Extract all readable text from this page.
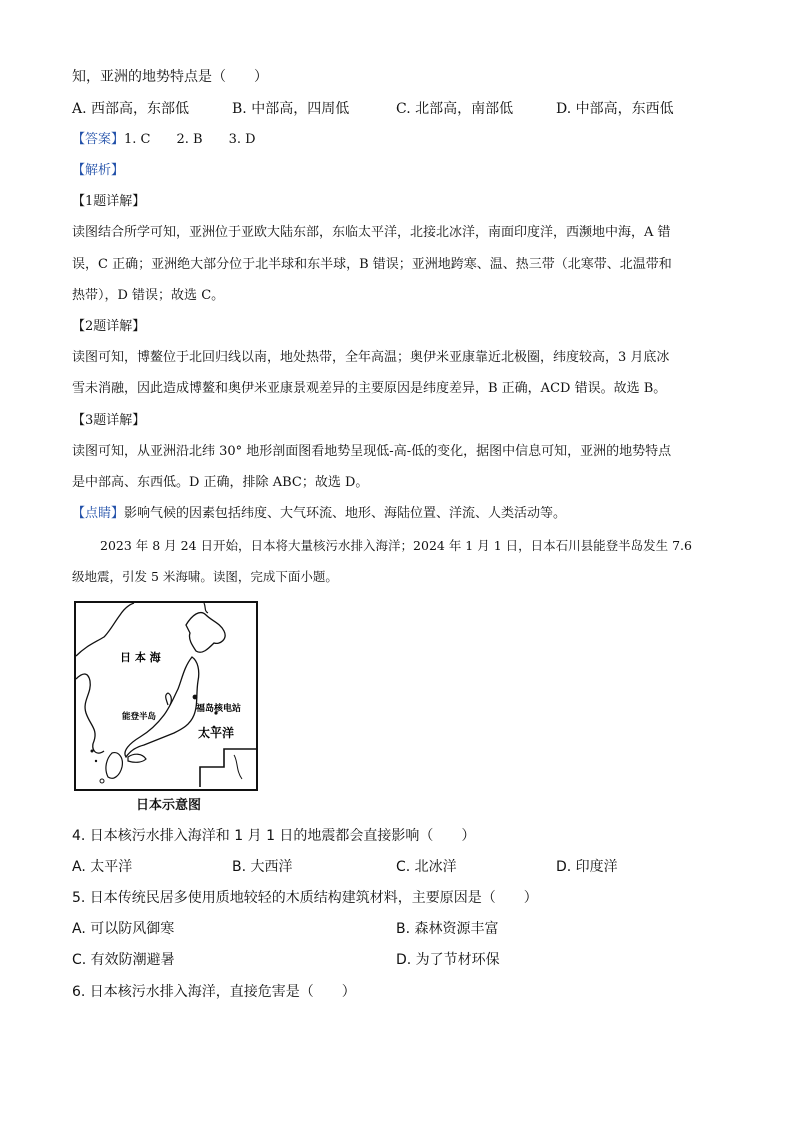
知，亚洲的地势特点是（　　）
A. 西部高，东部低	B. 中部高，四周低	C. 北部高，南部低	D. 中部高，东西低
【答案】1. C　　2. B　　3. D
【解析】
【1题详解】
读图结合所学可知，亚洲位于亚欧大陆东部，东临太平洋，北接北冰洋，南面印度洋，西濒地中海，A 错
误，C 正确；亚洲绝大部分位于北半球和东半球，B 错误；亚洲地跨寒、温、热三带（北寒带、北温带和
热带），D 错误；故选 C。
【2题详解】
读图可知，博鳌位于北回归线以南，地处热带，全年高温；奥伊米亚康靠近北极圈，纬度较高，3 月底冰
雪未消融，因此造成博鳌和奥伊米亚康景观差异的主要原因是纬度差异，B 正确，ACD 错误。故选 B。
【3题详解】
读图可知，从亚洲沿北纬 30° 地形剖面图看地势呈现低-高-低的变化，据图中信息可知，亚洲的地势特点
是中部高、东西低。D 正确，排除 ABC；故选 D。
【点睛】影响气候的因素包括纬度、大气环流、地形、海陆位置、洋流、人类活动等。
2023 年 8 月 24 日开始，日本将大量核污水排入海洋；2024 年 1 月 1 日，日本石川县能登半岛发生 7.6
级地震，引发 5 米海啸。读图，完成下面小题。
日 本 海
能登半岛
福岛核电站
太平洋
日本示意图
4. 日本核污水排入海洋和 1 月 1 日的地震都会直接影响（　　）
A. 太平洋	B. 大西洋	C. 北冰洋	D. 印度洋
5. 日本传统民居多使用质地较轻的木质结构建筑材料，主要原因是（　　）
A. 可以防风御寒	B. 森林资源丰富
C. 有效防潮避暑	D. 为了节材环保
6. 日本核污水排入海洋，直接危害是（　　）
